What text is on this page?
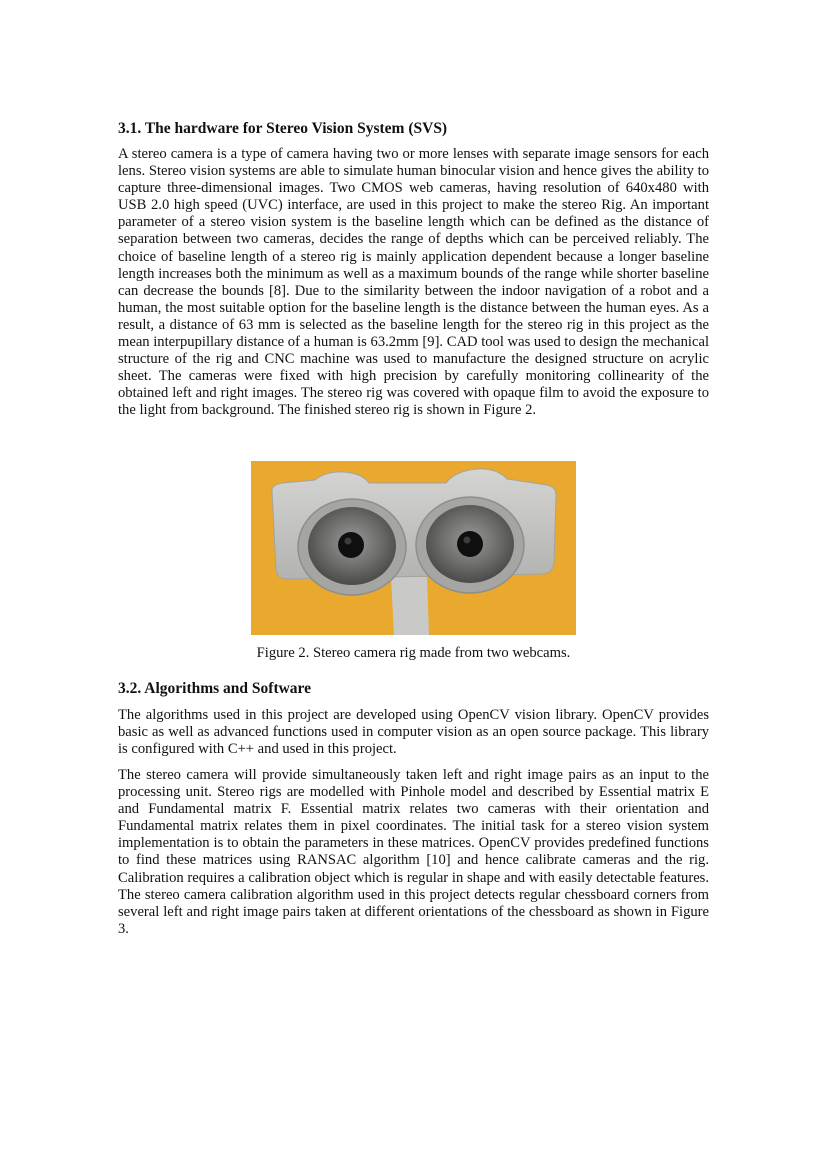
3.1. The hardware for Stereo Vision System (SVS)

A stereo camera is a type of camera having two or more lenses with separate image sensors for each lens. Stereo vision systems are able to simulate human binocular vision and hence gives the ability to capture three-dimensional images. Two CMOS web cameras, having resolution of 640x480 with USB 2.0 high speed (UVC) interface, are used in this project to make the stereo Rig. An important parameter of a stereo vision system is the baseline length which can be defined as the distance of separation between two cameras, decides the range of depths which can be perceived reliably. The choice of baseline length of a stereo rig is mainly application dependent because a longer baseline length increases both the minimum as well as a maximum bounds of the range while shorter baseline can decrease the bounds [8]. Due to the similarity between the indoor navigation of a robot and a human, the most suitable option for the baseline length is the distance between the human eyes. As a result, a distance of 63 mm is selected as the baseline length for the stereo rig in this project as the mean interpupillary distance of a human is 63.2mm [9]. CAD tool was used to design the mechanical structure of the rig and CNC machine was used to manufacture the designed structure on acrylic sheet. The cameras were fixed with high precision by carefully monitoring collinearity of the obtained left and right images. The stereo rig was covered with opaque film to avoid the exposure to the light from background. The finished stereo rig is shown in Figure 2.

Figure 2. Stereo camera rig made from two webcams.

3.2. Algorithms and Software

The algorithms used in this project are developed using OpenCV vision library. OpenCV provides basic as well as advanced functions used in computer vision as an open source package. This library is configured with C++ and used in this project.

The stereo camera will provide simultaneously taken left and right image pairs as an input to the processing unit. Stereo rigs are modelled with Pinhole model and described by Essential matrix E and Fundamental matrix F. Essential matrix relates two cameras with their orientation and Fundamental matrix relates them in pixel coordinates. The initial task for a stereo vision system implementation is to obtain the parameters in these matrices. OpenCV provides predefined functions to find these matrices using RANSAC algorithm [10] and hence calibrate cameras and the rig. Calibration requires a calibration object which is regular in shape and with easily detectable features. The stereo camera calibration algorithm used in this project detects regular chessboard corners from several left and right image pairs taken at different orientations of the chessboard as shown in Figure 3.
